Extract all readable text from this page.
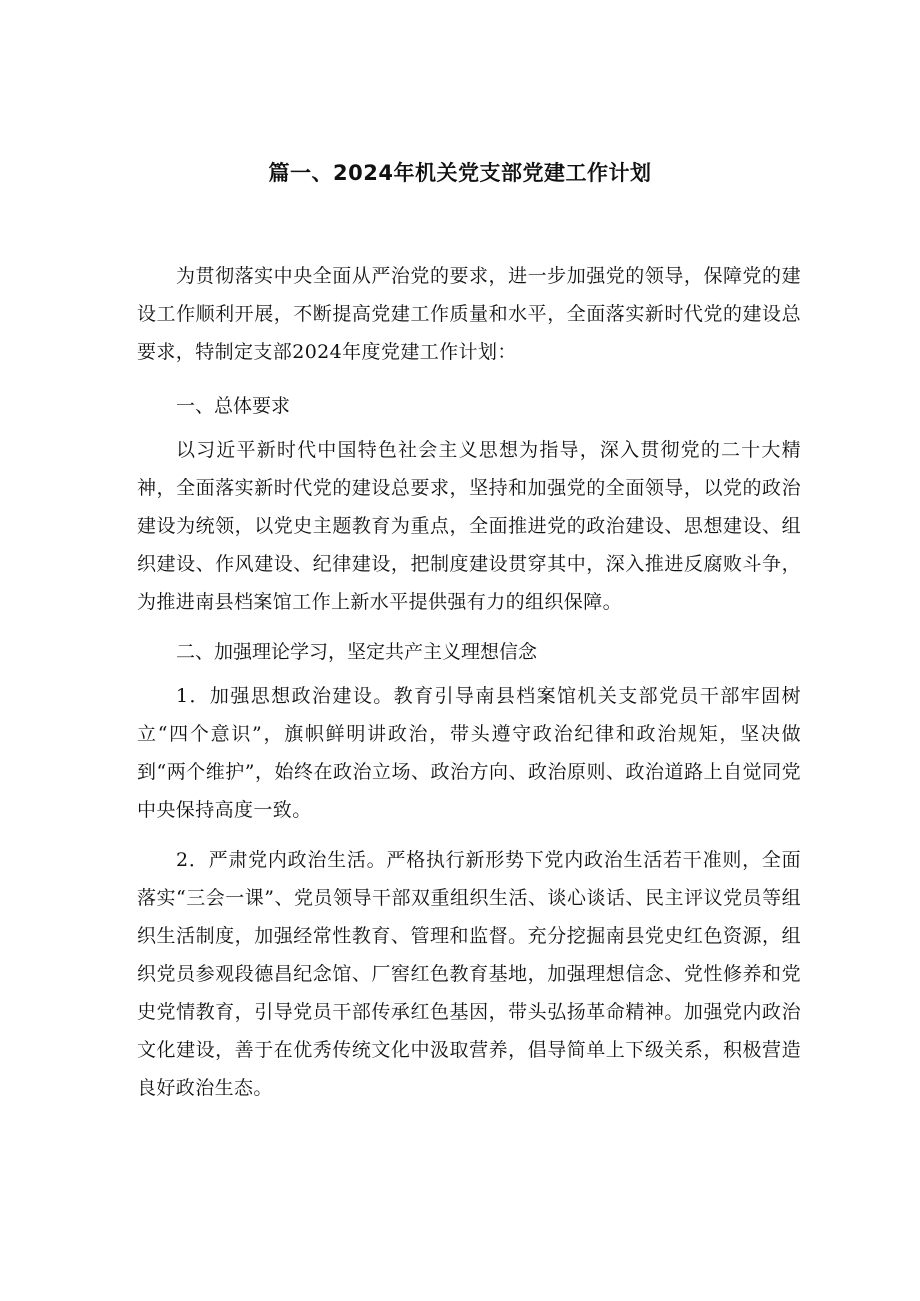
篇一、2024年机关党支部党建工作计划

为贯彻落实中央全面从严治党的要求，进一步加强党的领导，保障党的建设工作顺利开展，不断提高党建工作质量和水平，全面落实新时代党的建设总要求，特制定支部2024年度党建工作计划：

一、总体要求

以习近平新时代中国特色社会主义思想为指导，深入贯彻党的二十大精神，全面落实新时代党的建设总要求，坚持和加强党的全面领导，以党的政治建设为统领，以党史主题教育为重点，全面推进党的政治建设、思想建设、组织建设、作风建设、纪律建设，把制度建设贯穿其中，深入推进反腐败斗争，为推进南县档案馆工作上新水平提供强有力的组织保障。

二、加强理论学习，坚定共产主义理想信念

1．加强思想政治建设。教育引导南县档案馆机关支部党员干部牢固树立“四个意识”，旗帜鲜明讲政治，带头遵守政治纪律和政治规矩，坚决做到“两个维护”，始终在政治立场、政治方向、政治原则、政治道路上自觉同党中央保持高度一致。

2．严肃党内政治生活。严格执行新形势下党内政治生活若干准则，全面落实“三会一课”、党员领导干部双重组织生活、谈心谈话、民主评议党员等组织生活制度，加强经常性教育、管理和监督。充分挖掘南县党史红色资源，组织党员参观段德昌纪念馆、厂窖红色教育基地，加强理想信念、党性修养和党史党情教育，引导党员干部传承红色基因，带头弘扬革命精神。加强党内政治文化建设，善于在优秀传统文化中汲取营养，倡导简单上下级关系，积极营造良好政治生态。
